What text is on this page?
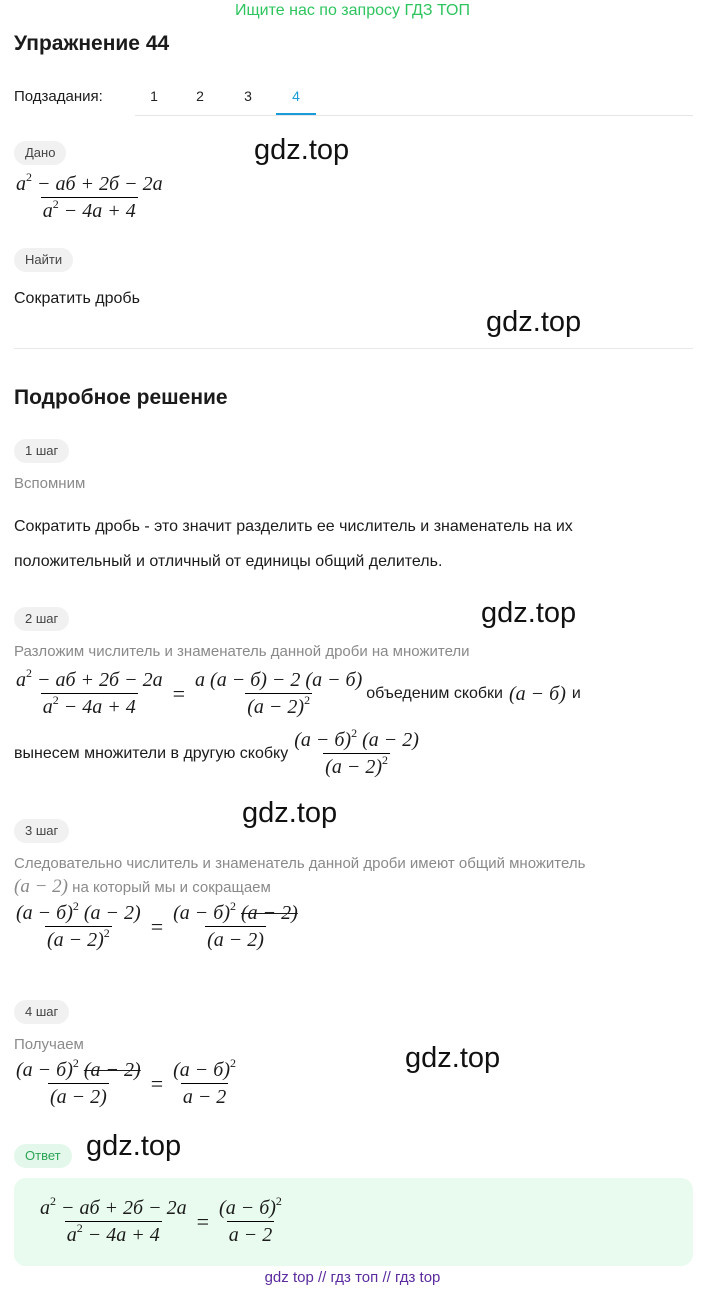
Ищите нас по запросу ГДЗ ТОП
Упражнение 44
Подзадания:	1	2	3	4
Дано	gdz.top
$\frac{a^2 - aб + 2б - 2a}{a^2 - 4a + 4}$
Найти
Сократить дробь
gdz.top
Подробное решение
1 шаг
Вспомним
Сократить дробь - это значит разделить ее числитель и знаменатель на их положительный и отличный от единицы общий делитель.
2 шаг	gdz.top
Разложим числитель и знаменатель данной дроби на множители
$\frac{a^2 - aб + 2б - 2a}{a^2 - 4a + 4} = \frac{a (a - б) - 2 (a - б)}{(a - 2)^2}$ объеденим скобки (a − б) и
вынесем множители в другую скобку $\frac{(a - б)^2 (a - 2)}{(a - 2)^2}$
3 шаг
gdz.top
Следовательно числитель и знаменатель данной дроби имеют общий множитель
(a − 2) на который мы и сокращаем
$\frac{(a - б)^2 (a - 2)}{(a - 2)^2} = \frac{(a - б)^2 (a - 2)}{(a - 2)}$
4 шаг
Получаем
$\frac{(a - б)^2 (a - 2)}{(a - 2)} = \frac{(a - б)^2}{a - 2}$
gdz.top
Ответ gdz.top
$\frac{a^2 - aб + 2б - 2a}{a^2 - 4a + 4} = \frac{(a - б)^2}{a - 2}$
gdz top // гдз топ // гдз top
